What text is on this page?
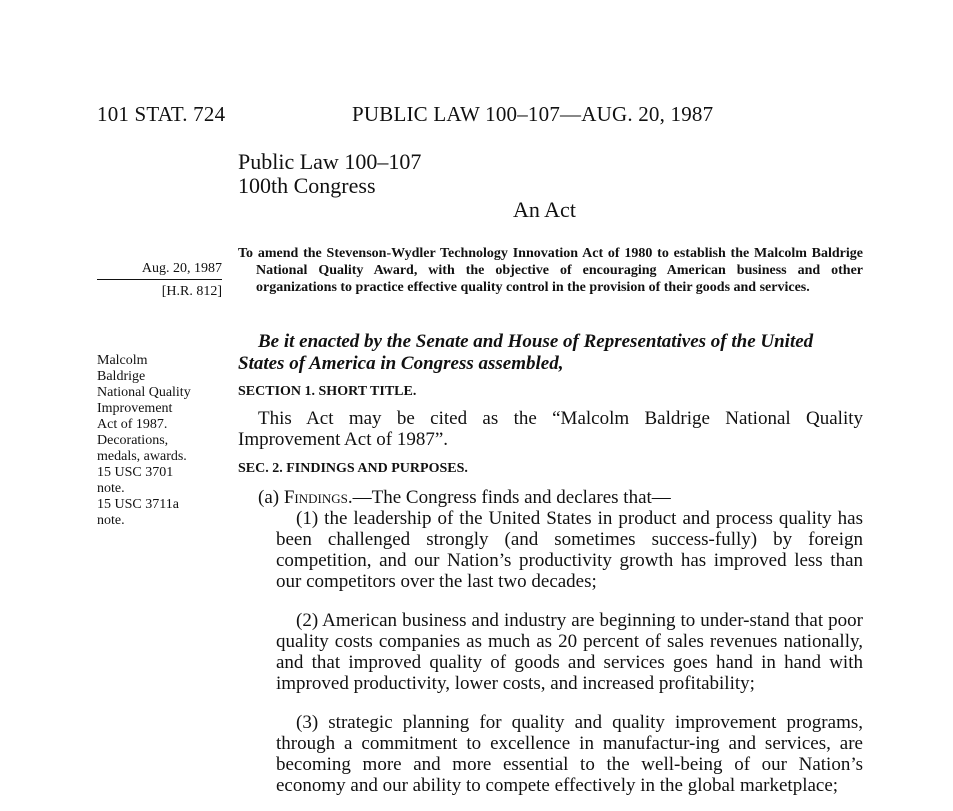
101 STAT. 724	PUBLIC LAW 100–107—AUG. 20, 1987
Public Law 100–107
100th Congress
An Act
Aug. 20, 1987
[H.R. 812]
To amend the Stevenson-Wydler Technology Innovation Act of 1980 to establish the Malcolm Baldrige National Quality Award, with the objective of encouraging American business and other organizations to practice effective quality control in the provision of their goods and services.
Malcolm
Baldrige
National Quality
Improvement
Act of 1987.
Decorations,
medals, awards.
15 USC 3701
note.
15 USC 3711a
note.
Be it enacted by the Senate and House of Representatives of the United States of America in Congress assembled,
SECTION 1. SHORT TITLE.
This Act may be cited as the “Malcolm Baldrige National Quality Improvement Act of 1987”.
SEC. 2. FINDINGS AND PURPOSES.
(a) Findings.—The Congress finds and declares that—
(1) the leadership of the United States in product and process quality has been challenged strongly (and sometimes success-fully) by foreign competition, and our Nation’s productivity growth has improved less than our competitors over the last two decades;
(2) American business and industry are beginning to under-stand that poor quality costs companies as much as 20 percent of sales revenues nationally, and that improved quality of goods and services goes hand in hand with improved productivity, lower costs, and increased profitability;
(3) strategic planning for quality and quality improvement programs, through a commitment to excellence in manufactur-ing and services, are becoming more and more essential to the well-being of our Nation’s economy and our ability to compete effectively in the global marketplace;
